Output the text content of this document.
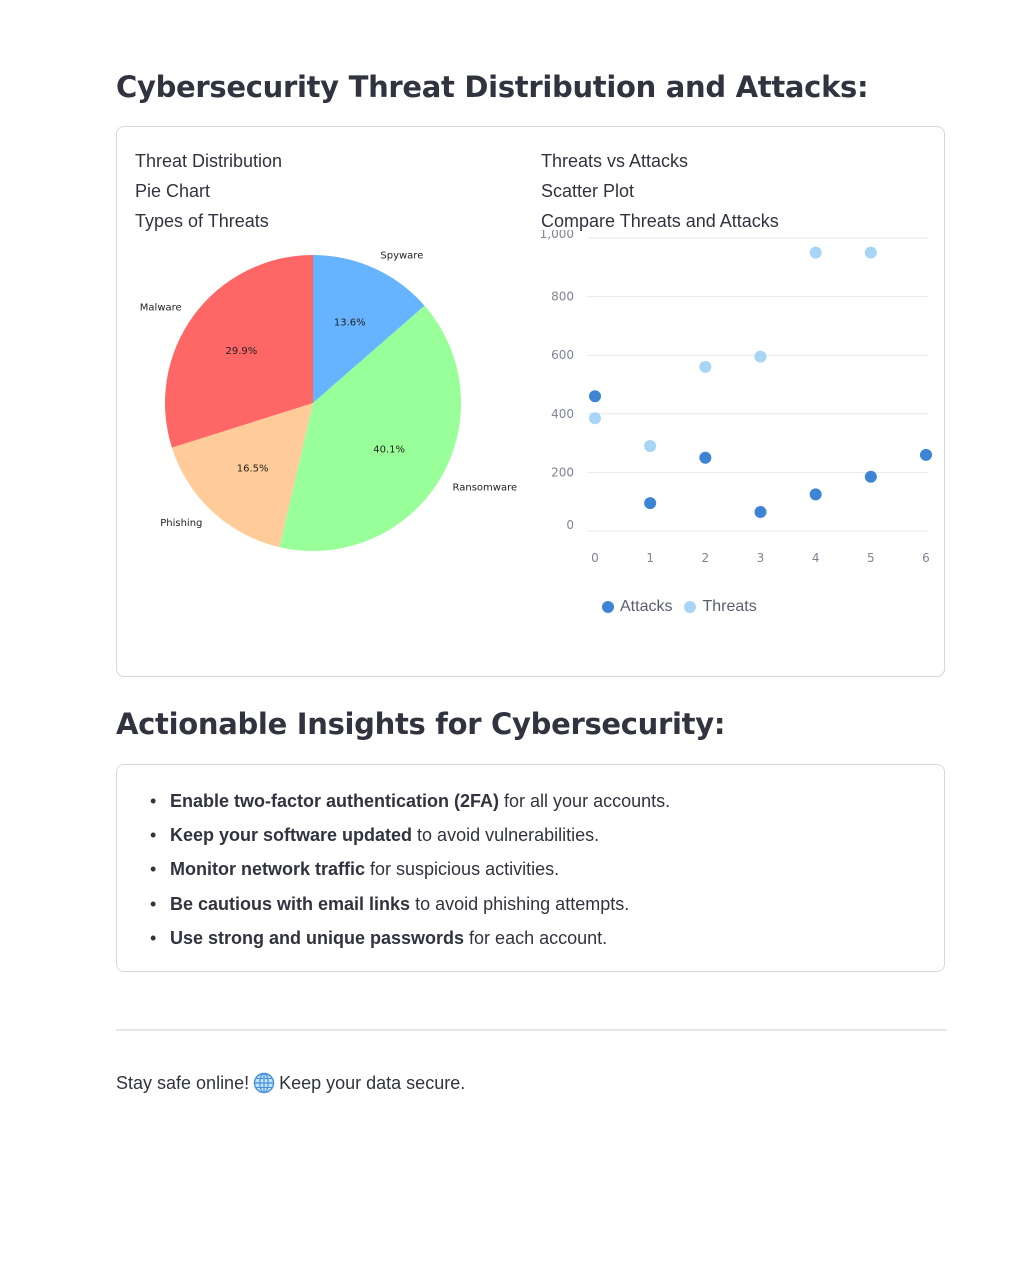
Cybersecurity Threat Distribution and Attacks:
Threat Distribution
Pie Chart
Types of Threats
Threats vs Attacks
Scatter Plot
Compare Threats and Attacks
13.6%
Spyware
40.1%
Ransomware
16.5%
Phishing
29.9%
Malware
0
200
400
600
800
1,000
0	1	2	3	4	5	6
Attacks Threats
Actionable Insights for Cybersecurity:
• Enable two-factor authentication (2FA) for all your accounts.
• Keep your software updated to avoid vulnerabilities.
• Monitor network traffic for suspicious activities.
• Be cautious with email links to avoid phishing attempts.
• Use strong and unique passwords for each account.
Stay safe online! Keep your data secure.
